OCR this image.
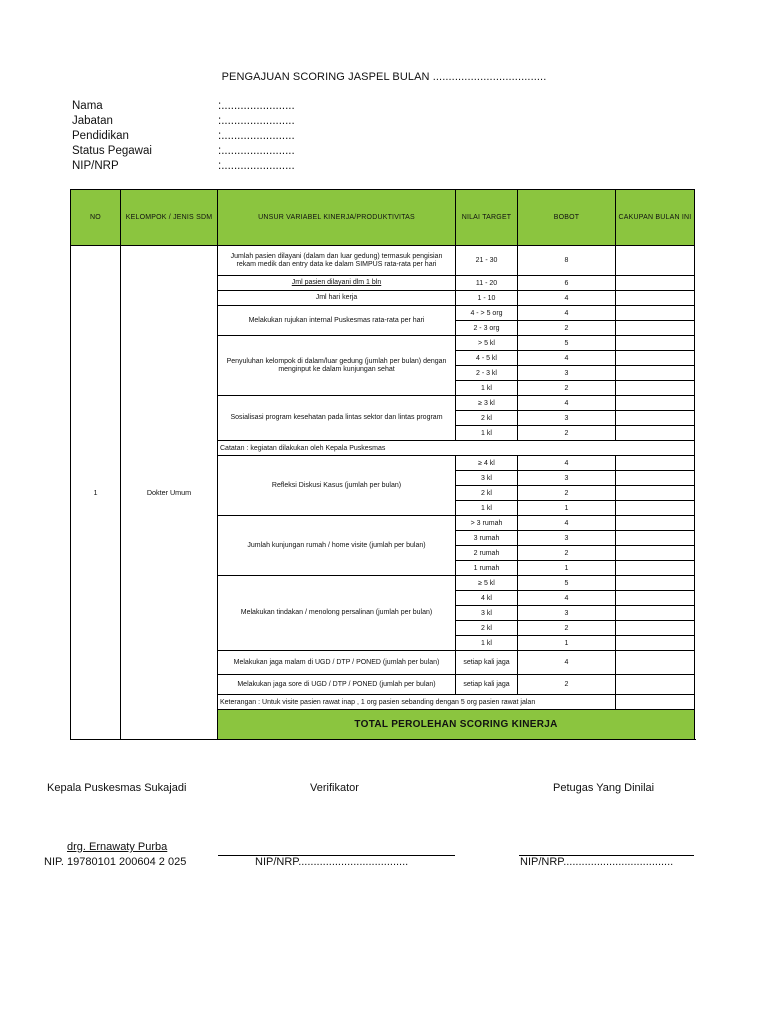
PENGAJUAN SCORING JASPEL BULAN ....................................
Nama	:.......................
Jabatan	:.......................
Pendidikan	:.......................
Status Pegawai	:.......................
NIP/NRP	:.......................
NO	KELOMPOK / JENIS SDM	UNSUR VARIABEL KINERJA/PRODUKTIVITAS	NILAI TARGET	BOBOT	CAKUPAN BULAN INI	
1	Dokter Umum	Jumlah pasien dilayani (dalam dan luar gedung) termasuk pengisian rekam medik dan entry data ke dalam SIMPUS rata-rata per hari	21 - 30	8		
		Jml pasien dilayani dlm 1 bln	11 - 20	6		
		Jml hari kerja	1 - 10	4		
		Melakukan rujukan internal Puskesmas rata-rata per hari	4 - > 5 org	4		
			2 - 3 org	2		
		Penyuluhan kelompok di dalam/luar gedung (jumlah per bulan) dengan menginput ke dalam kunjungan sehat	> 5 kl	5		
			4 - 5 kl	4		
			2 - 3 kl	3		
			1 kl	2		
		Sosialisasi program kesehatan pada lintas sektor dan lintas program	≥ 3 kl	4		
			2 kl	3		
			1 kl	2		
		Catatan : kegiatan dilakukan oleh Kepala Puskesmas				
		Refleksi Diskusi Kasus (jumlah per bulan)	≥ 4 kl	4		
			3 kl	3		
			2 kl	2		
			1 kl	1		
		Jumlah kunjungan rumah / home visite (jumlah per bulan)	> 3 rumah	4		
			3 rumah	3		
			2 rumah	2		
			1 rumah	1		
		Melakukan tindakan / menolong persalinan (jumlah per bulan)	≥ 5 kl	5		
			4 kl	4		
			3 kl	3		
			2 kl	2		
			1 kl	1		
		Melakukan jaga malam di UGD / DTP / PONED (jumlah per bulan)	setiap kali jaga	4		
		Melakukan jaga sore di UGD / DTP / PONED (jumlah per bulan)	setiap kali jaga	2		
		Keterangan : Untuk visite pasien rawat inap , 1 org pasien sebanding dengan 5 org pasien rawat jalan				
		TOTAL PEROLEHAN SCORING KINERJA				
Kepala Puskesmas Sukajadi	Verifikator	Petugas Yang Dinilai
drg. Ernawaty Purba
NIP. 19780101 200604 2 025	NIP/NRP....................................	NIP/NRP....................................
